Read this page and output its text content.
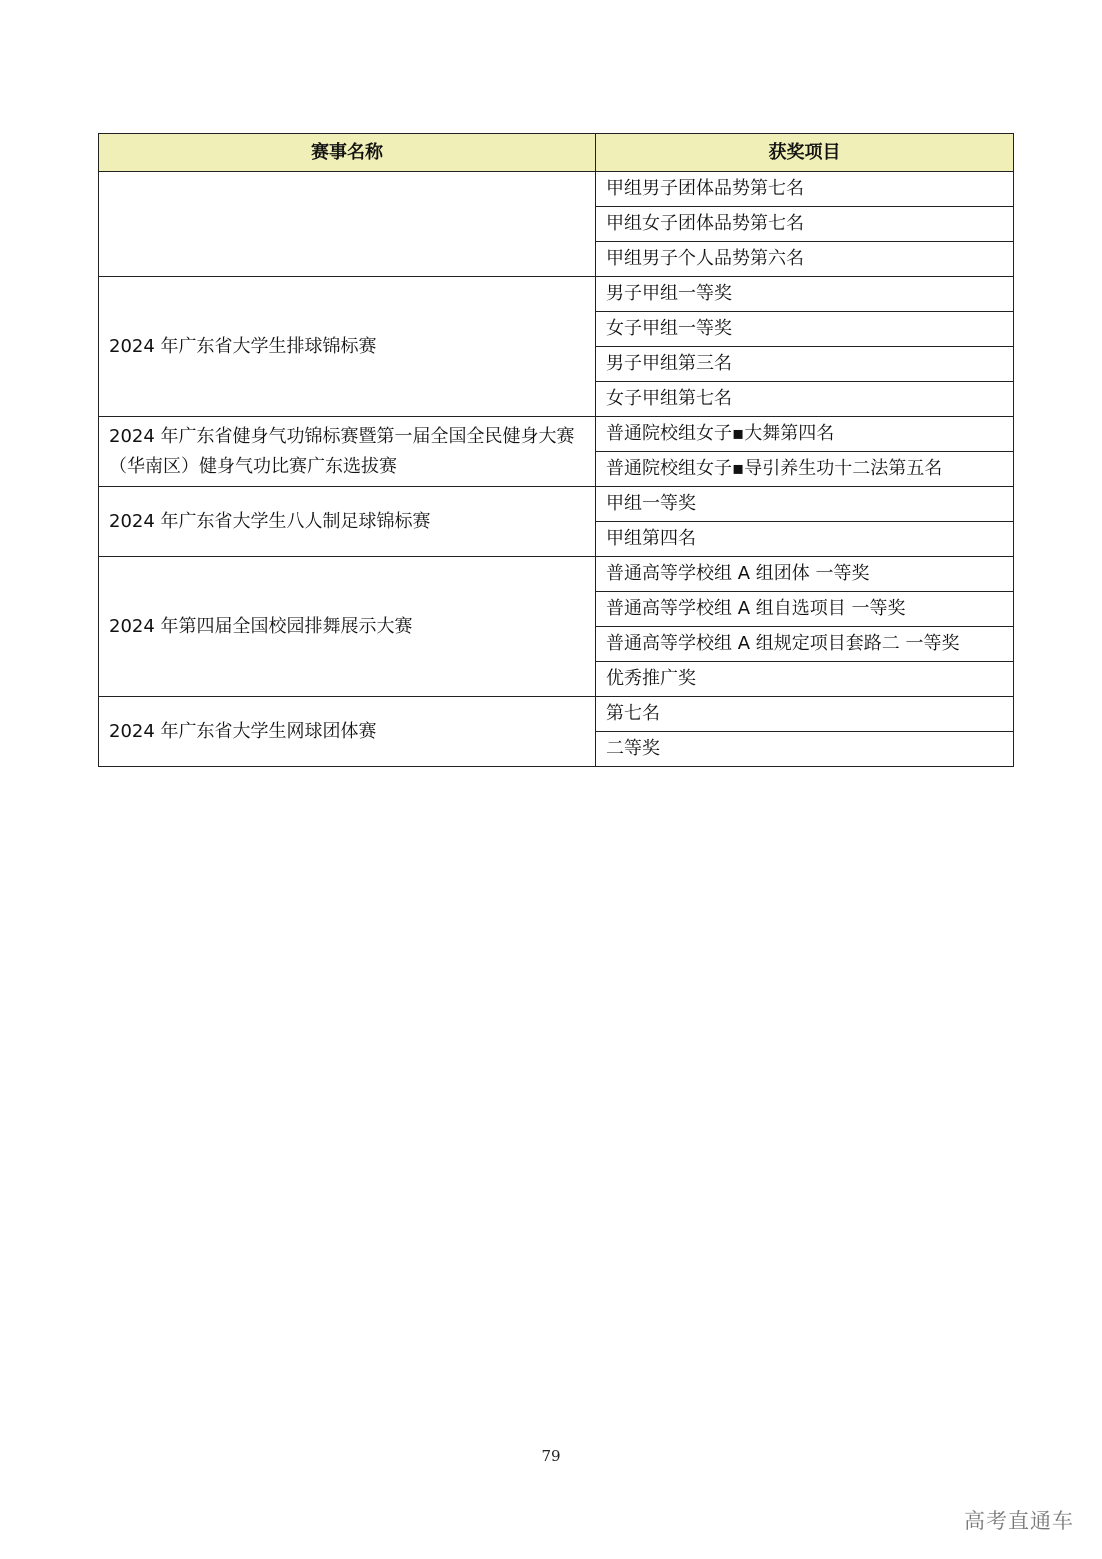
赛事名称	获奖项目
	甲组男子团体品势第七名
	甲组女子团体品势第七名
	甲组男子个人品势第六名
2024 年广东省大学生排球锦标赛	男子甲组一等奖
	女子甲组一等奖
	男子甲组第三名
	女子甲组第七名
2024 年广东省健身气功锦标赛暨第一届全国全民健身大赛（华南区）健身气功比赛广东选拔赛	普通院校组女子▪大舞第四名
	普通院校组女子▪导引养生功十二法第五名
2024 年广东省大学生八人制足球锦标赛	甲组一等奖
	甲组第四名
2024 年第四届全国校园排舞展示大赛	普通高等学校组 A 组团体 一等奖
	普通高等学校组 A 组自选项目 一等奖
	普通高等学校组 A 组规定项目套路二 一等奖
	优秀推广奖
2024 年广东省大学生网球团体赛	第七名
	二等奖
79
高考直通车
